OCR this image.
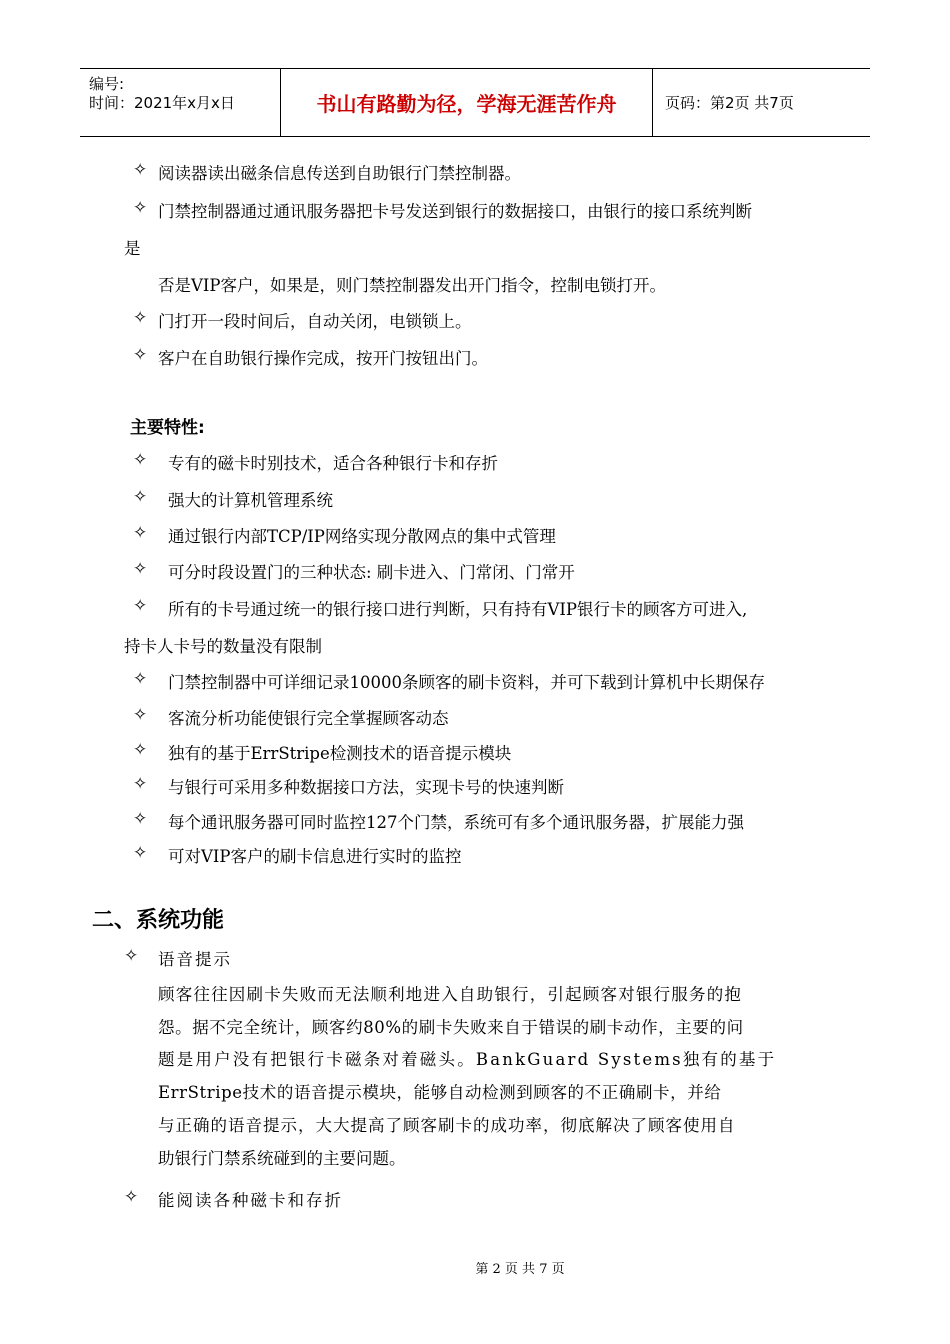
编号:
时间：2021年x月x日	书山有路勤为径，学海无涯苦作舟	页码：第2页 共7页
✧ 阅读器读出磁条信息传送到自助银行门禁控制器。
✧ 门禁控制器通过通讯服务器把卡号发送到银行的数据接口，由银行的接口系统判断
是
否是VIP客户，如果是，则门禁控制器发出开门指令，控制电锁打开。
✧ 门打开一段时间后，自动关闭，电锁锁上。
✧ 客户在自助银行操作完成，按开门按钮出门。
主要特性:
✧ 专有的磁卡时别技术，适合各种银行卡和存折
✧ 强大的计算机管理系统
✧ 通过银行内部TCP/IP网络实现分散网点的集中式管理
✧ 可分时段设置门的三种状态: 刷卡进入、门常闭、门常开
✧ 所有的卡号通过统一的银行接口进行判断，只有持有VIP银行卡的顾客方可进入,
持卡人卡号的数量没有限制
✧ 门禁控制器中可详细记录10000条顾客的刷卡资料，并可下载到计算机中长期保存
✧ 客流分析功能使银行完全掌握顾客动态
✧ 独有的基于ErrStripe检测技术的语音提示模块
✧ 与银行可采用多种数据接口方法，实现卡号的快速判断
✧ 每个通讯服务器可同时监控127个门禁，系统可有多个通讯服务器，扩展能力强
✧ 可对VIP客户的刷卡信息进行实时的监控
二、系统功能
✧ 语音提示
顾客往往因刷卡失败而无法顺利地进入自助银行，引起顾客对银行服务的抱
怨。据不完全统计，顾客约80%的刷卡失败来自于错误的刷卡动作，主要的问
题是用户没有把银行卡磁条对着磁头。BankGuard Systems独有的基于
ErrStripe技术的语音提示模块，能够自动检测到顾客的不正确刷卡，并给
与正确的语音提示，大大提高了顾客刷卡的成功率，彻底解决了顾客使用自
助银行门禁系统碰到的主要问题。
✧ 能阅读各种磁卡和存折
第 2 页 共 7 页
